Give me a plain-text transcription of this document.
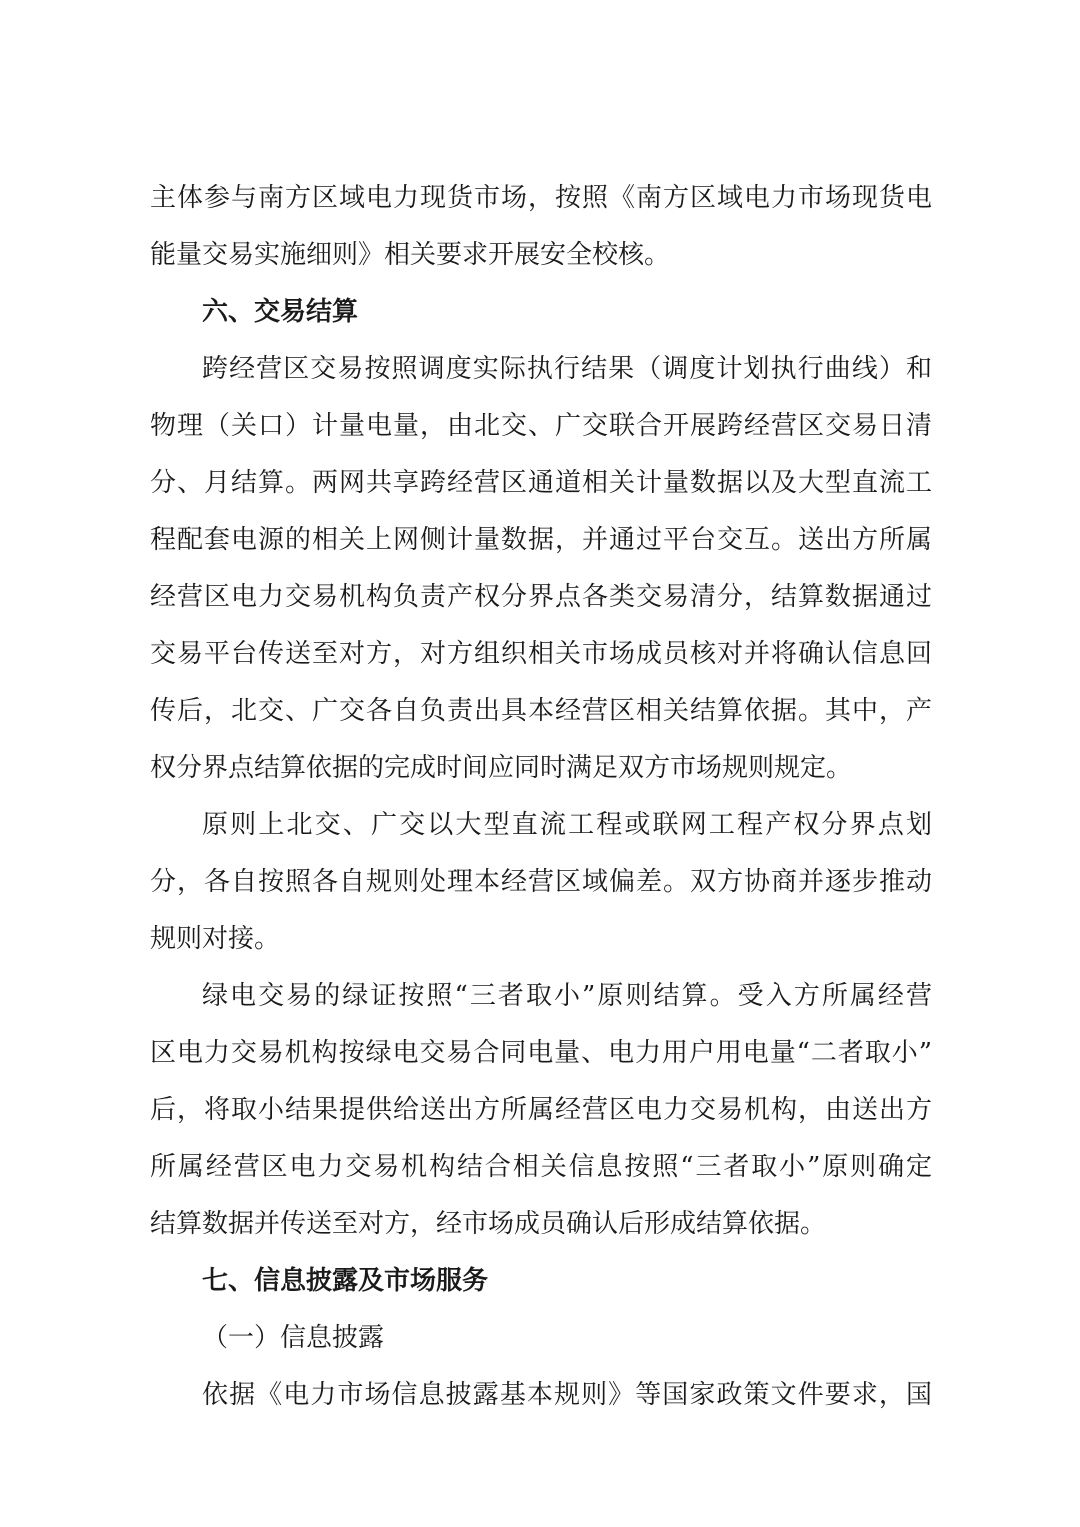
主体参与南方区域电力现货市场，按照《南方区域电力市场现货电
能量交易实施细则》相关要求开展安全校核。
六、交易结算
跨经营区交易按照调度实际执行结果（调度计划执行曲线）和
物理（关口）计量电量，由北交、广交联合开展跨经营区交易日清
分、月结算。两网共享跨经营区通道相关计量数据以及大型直流工
程配套电源的相关上网侧计量数据，并通过平台交互。送出方所属
经营区电力交易机构负责产权分界点各类交易清分，结算数据通过
交易平台传送至对方，对方组织相关市场成员核对并将确认信息回
传后，北交、广交各自负责出具本经营区相关结算依据。其中，产
权分界点结算依据的完成时间应同时满足双方市场规则规定。
原则上北交、广交以大型直流工程或联网工程产权分界点划
分，各自按照各自规则处理本经营区域偏差。双方协商并逐步推动
规则对接。
绿电交易的绿证按照“三者取小”原则结算。受入方所属经营
区电力交易机构按绿电交易合同电量、电力用户用电量“二者取小”
后，将取小结果提供给送出方所属经营区电力交易机构，由送出方
所属经营区电力交易机构结合相关信息按照“三者取小”原则确定
结算数据并传送至对方，经市场成员确认后形成结算依据。
七、信息披露及市场服务
（一）信息披露
依据《电力市场信息披露基本规则》等国家政策文件要求，国
